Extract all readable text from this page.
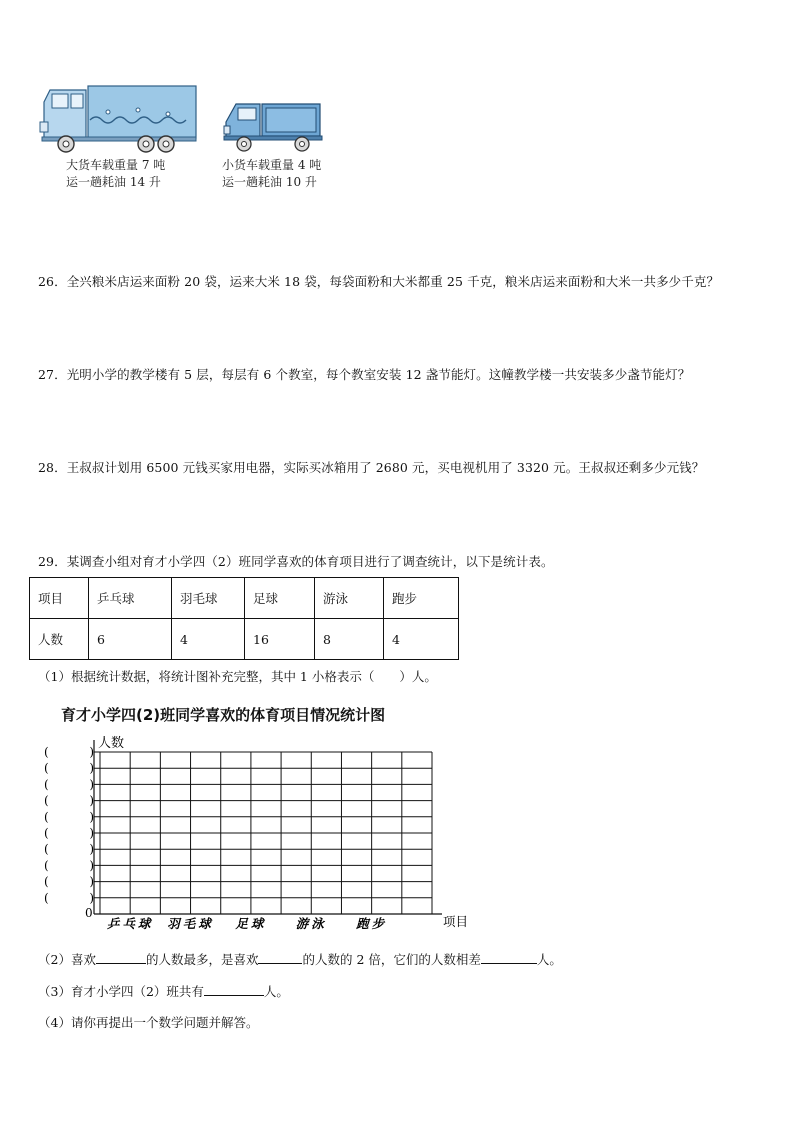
大货车载重量 7 吨
运一趟耗油 14 升
小货车载重量 4 吨
运一趟耗油 10 升
26．全兴粮米店运来面粉 20 袋，运来大米 18 袋，每袋面粉和大米都重 25 千克，粮米店运来面粉和大米一共多少千克？
27．光明小学的教学楼有 5 层，每层有 6 个教室，每个教室安装 12 盏节能灯。这幢教学楼一共安装多少盏节能灯？
28．王叔叔计划用 6500 元钱买家用电器，实际买冰箱用了 2680 元，买电视机用了 3320 元。王叔叔还剩多少元钱？
29．某调查小组对育才小学四（2）班同学喜欢的体育项目进行了调查统计，以下是统计表。
项目	乒乓球	羽毛球	足球	游泳	跑步
人数	6	4	16	8	4
（1）根据统计数据，将统计图补充完整，其中 1 小格表示（　　）人。
育才小学四(2)班同学喜欢的体育项目情况统计图
人数
0
项目
(　　)
(　　)
(　　)
(　　)
(　　)
(　　)
(　　)
(　　)
(　　)
(　　)
乒乓球 羽毛球 足球 游泳 跑步
（2）喜欢	的人数最多，是喜欢	的人数的 2 倍，它们的人数相差	人。
（3）育才小学四（2）班共有	人。
（4）请你再提出一个数学问题并解答。
